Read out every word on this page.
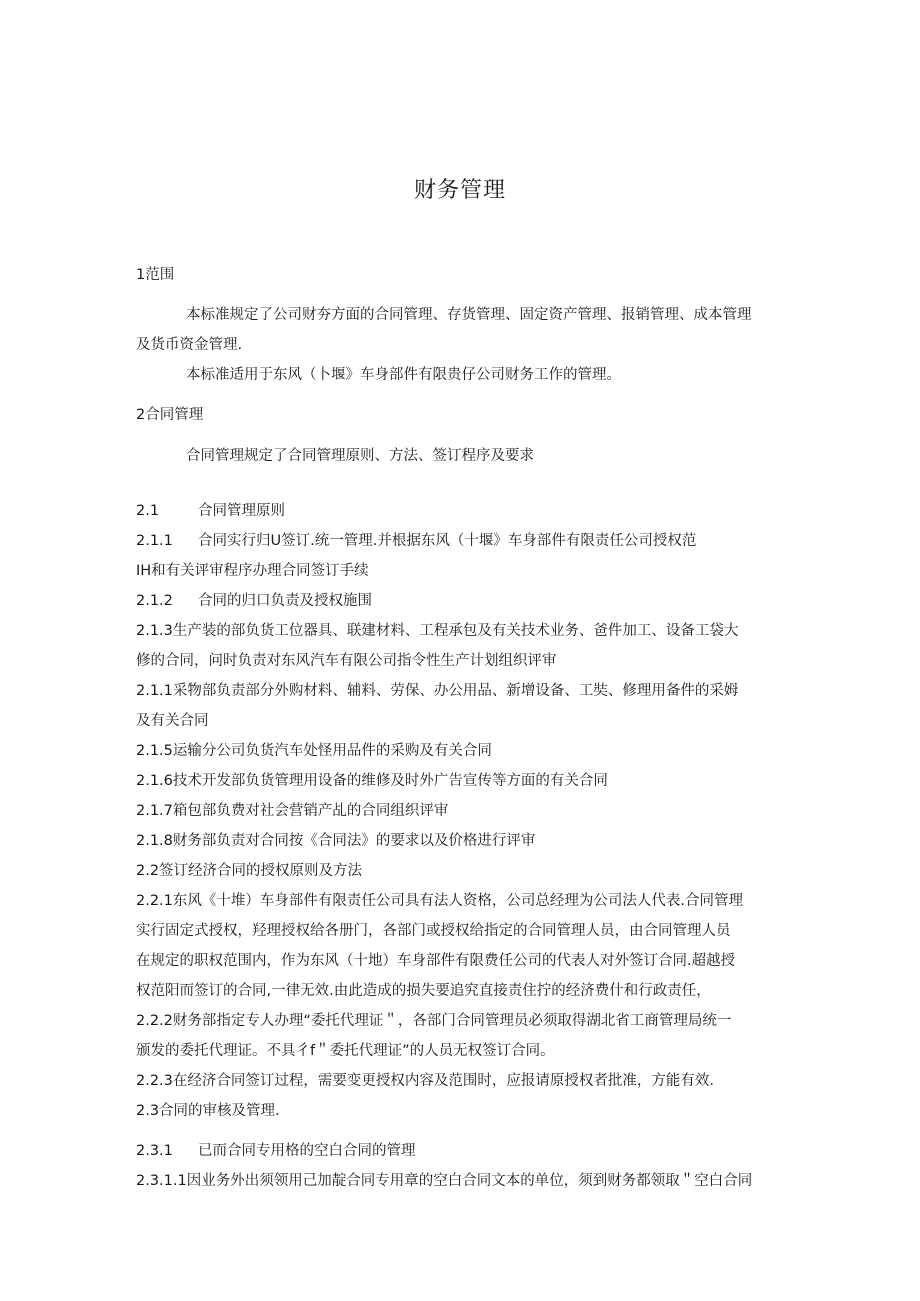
财务管理
1范围
本标准规定了公司财夯方面的合同管理、存货管理、固定资产管理、报销管理、成本管理
及货币资金管理.
本标准适用于东风（卜堰》车身部件有限贵仔公司财务工作的管理。
2合同管理
合同管理规定了合同管理原则、方法、签订程序及要求
2.1	合同管理原则
2.1.1 合同实行归U签订.统一管理.并根据东风（十堰》车身部件有限责任公司授权范
IH和有关评审程序办理合同签订手续
2.1.2 合同的归口负责及授权施围
2.1.3生产装的部负货工位器具、联建材料、工程承包及有关技术业务、爸件加工、设备工袋大
修的合同，问时负责对东风汽车有限公司指令性生产计划组织评审
2.1.1采物部负责部分外购材料、辅料、劳保、办公用品、新增设备、工奘、修理用备件的采姆
及有关合同
2.1.5运输分公司负货汽车处怪用品件的采购及有关合同
2.1.6技术开发部负货管理用设备的维修及时外广告宣传等方面的有关合同
2.1.7箱包部负费对社会营销产乩的合同组织评审
2.1.8财务部负责对合同按《合同法》的要求以及价格进行评审
2.2签订经济合同的授权原则及方法
2.2.1东风《十堆）车身部件有限责任公司具有法人资格，公司总经理为公司法人代表.合同管理
实行固定式授权，羟理授权给各册门，各部门或授权给指定的合同管理人员，由合同管理人员
在规定的职权范围内，作为东风（十地）车身部件有限费任公司的代表人对外签订合同.超越授
权范阳而签订的合同,一律无效.由此造成的损失要追究直接责住拧的经济费什和行政责任，
2.2.2财务部指定专人办理“委托代理证＂，各部门合同管理员必须取得湖北省工商管理局统一
颁发的委托代理证。不具彳f＂委托代理证”的人员无权签订合同。
2.2.3在经济合同签订过程，需要变更授权内容及范围时，应报请原授权者批准，方能有效.
2.3合同的审核及管理.
2.3.1 已而合同专用格的空白合同的管理
2.3.1.1因业务外出须领用己加靛合同专用章的空白合同文本的单位，须到财务都领取＂空白合同
